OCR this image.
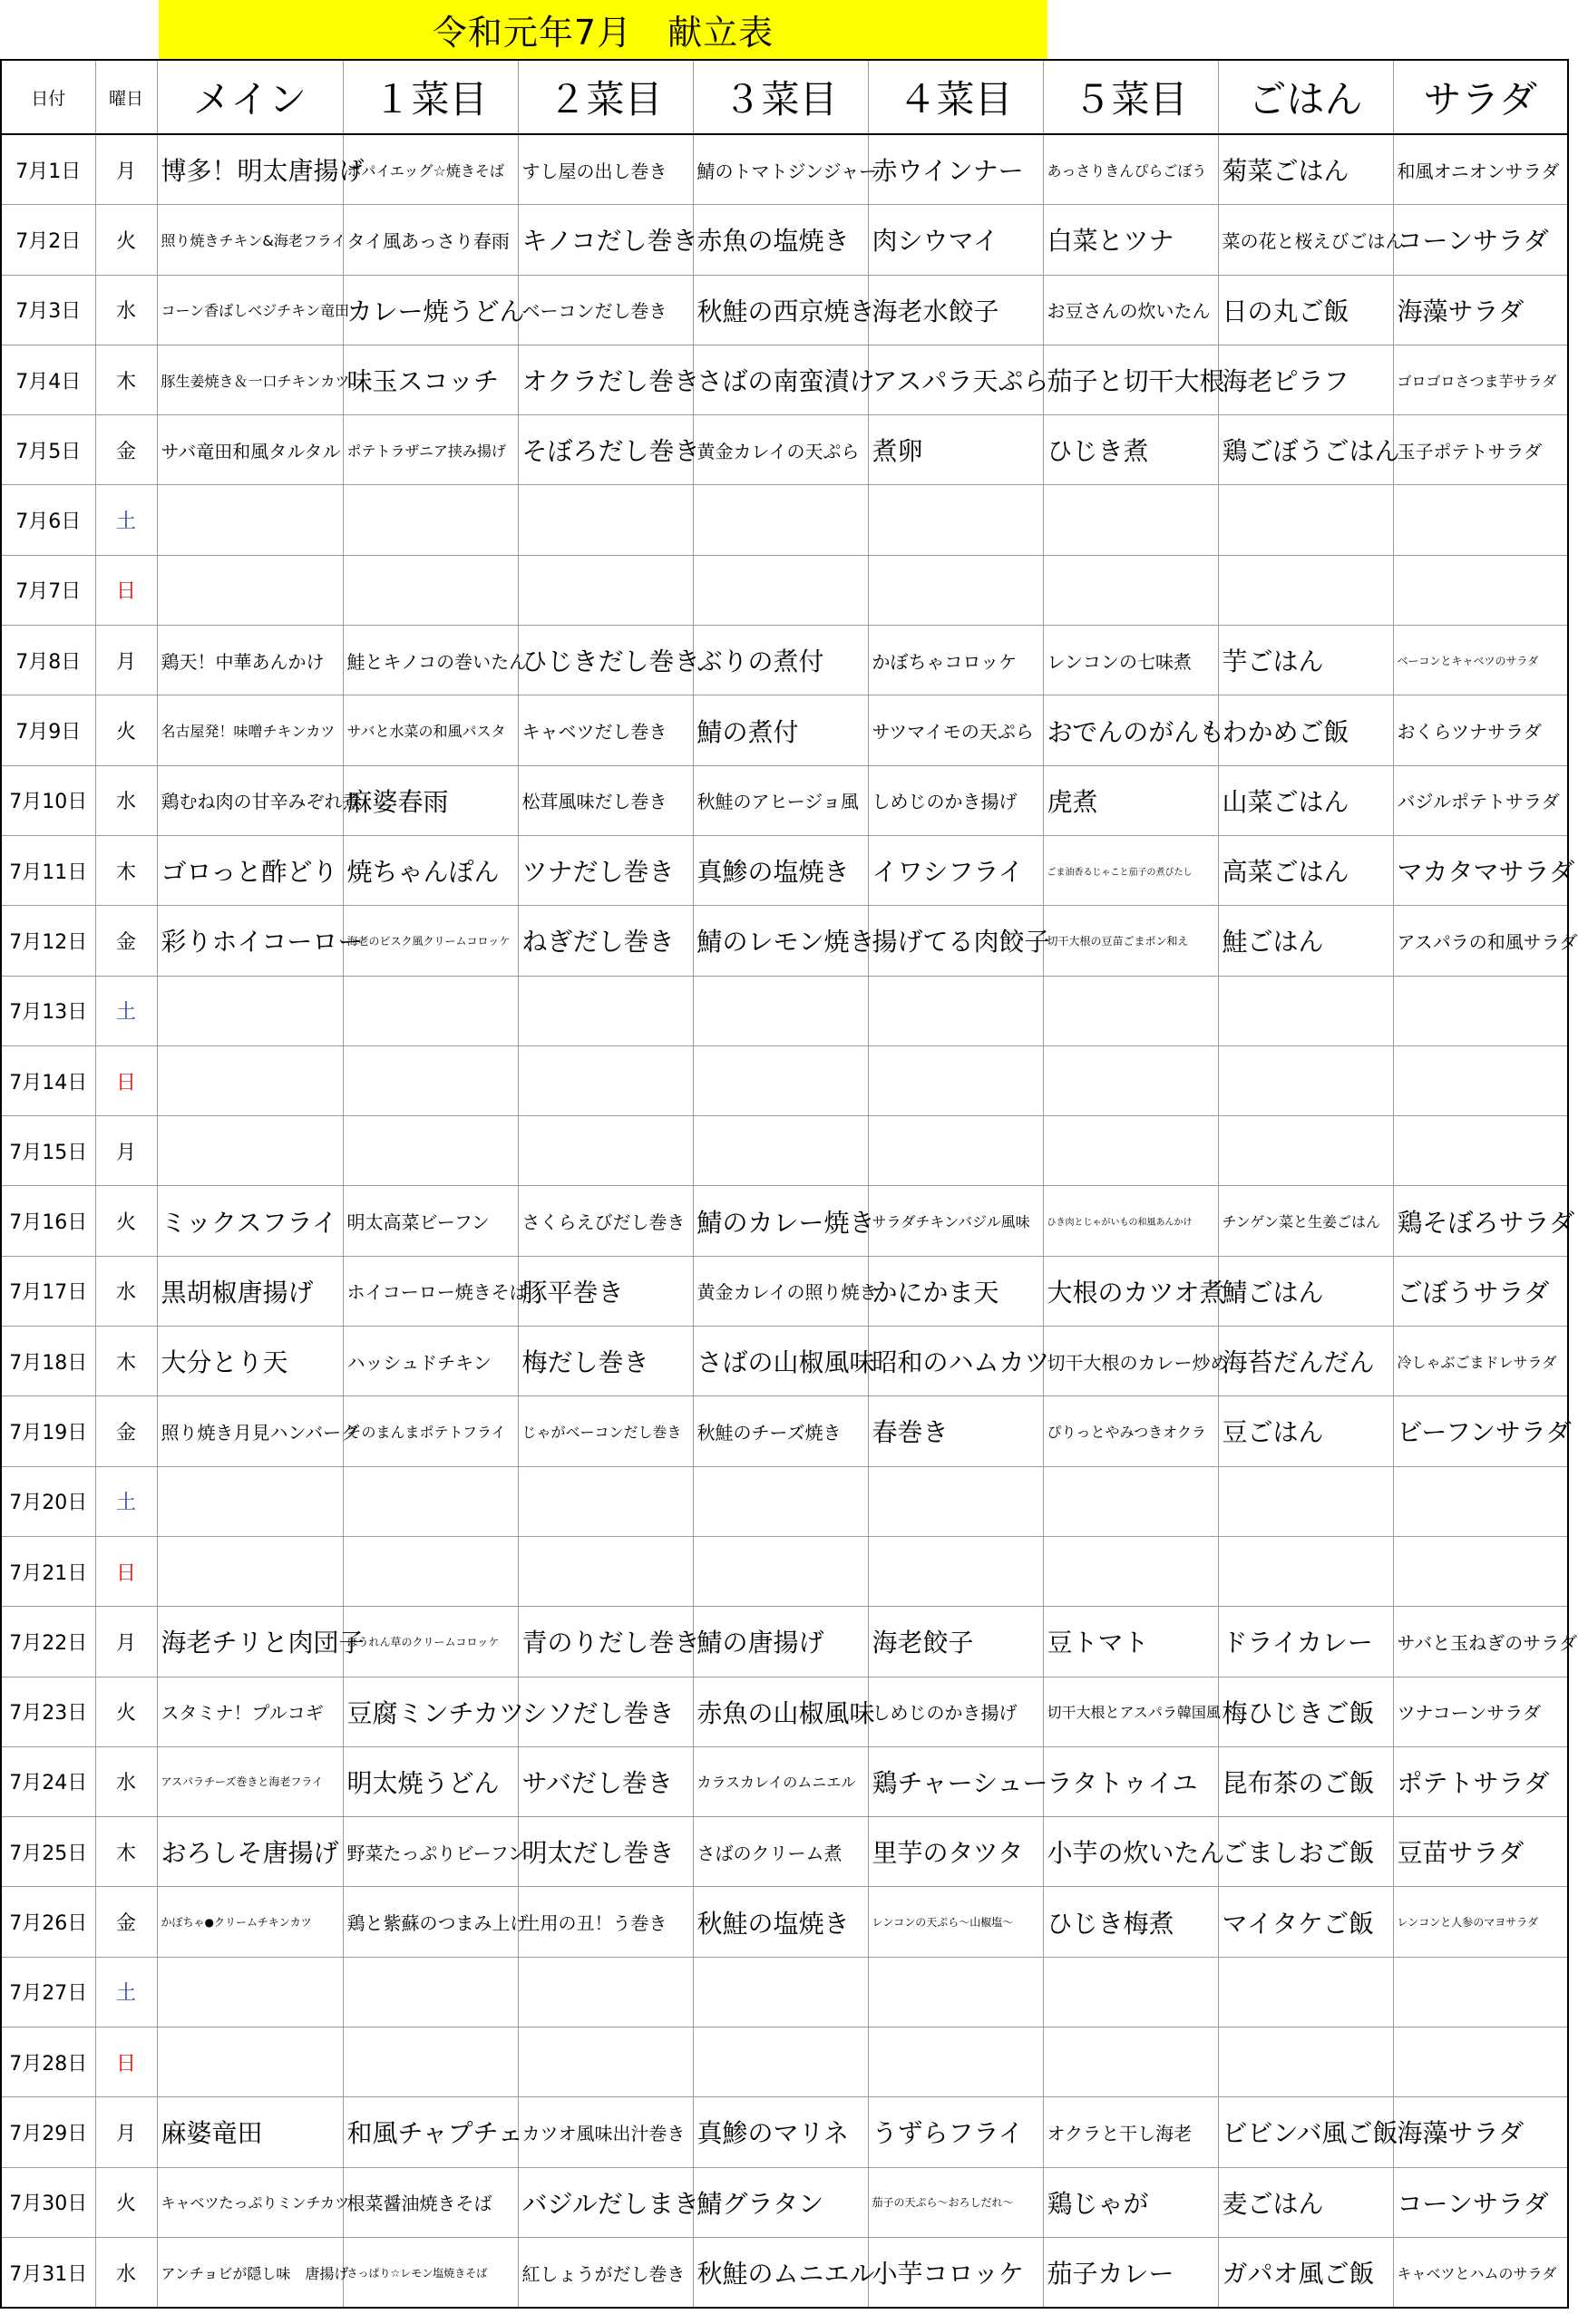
令和元年7月　献立表
日付	曜日	メイン	１菜目	２菜目	３菜目	４菜目	５菜目	ごはん	サラダ
7月1日	月	博多！明太唐揚げ	ポパイエッグ☆焼きそば	すし屋の出し巻き	鯖のトマトジンジャー	赤ウインナー	あっさりきんぴらごぼう	菊菜ごはん	和風オニオンサラダ
7月2日	火	照り焼きチキン&海老フライ	タイ風あっさり春雨	キノコだし巻き	赤魚の塩焼き	肉シウマイ	白菜とツナ	菜の花と桜えびごはん	コーンサラダ
7月3日	水	コーン香ばしベジチキン竜田	カレー焼うどん	ベーコンだし巻き	秋鮭の西京焼き	海老水餃子	お豆さんの炊いたん	日の丸ご飯	海藻サラダ
7月4日	木	豚生姜焼き＆一口チキンカツ	味玉スコッチ	オクラだし巻き	さばの南蛮漬け	アスパラ天ぷら	茄子と切干大根	海老ピラフ	ゴロゴロさつま芋サラダ
7月5日	金	サバ竜田和風タルタル	ポテトラザニア挟み揚げ	そぼろだし巻き	黄金カレイの天ぷら	煮卵	ひじき煮	鶏ごぼうごはん	玉子ポテトサラダ
7月6日	土								
7月7日	日								
7月8日	月	鶏天！中華あんかけ	鮭とキノコの巻いたん	ひじきだし巻き	ぶりの煮付	かぼちゃコロッケ	レンコンの七味煮	芋ごはん	ベーコンとキャベツのサラダ
7月9日	火	名古屋発！味噌チキンカツ	サバと水菜の和風パスタ	キャベツだし巻き	鯖の煮付	サツマイモの天ぷら	おでんのがんも	わかめご飯	おくらツナサラダ
7月10日	水	鶏むね肉の甘辛みぞれ煮	麻婆春雨	松茸風味だし巻き	秋鮭のアヒージョ風	しめじのかき揚げ	虎煮	山菜ごはん	バジルポテトサラダ
7月11日	木	ゴロっと酢どり	焼ちゃんぽん	ツナだし巻き	真鯵の塩焼き	イワシフライ	ごま油香るじゃこと茄子の煮びたし	高菜ごはん	マカタマサラダ
7月12日	金	彩りホイコーロー	海老のビスク風クリームコロッケ	ねぎだし巻き	鯖のレモン焼き	揚げてる肉餃子	切干大根の豆苗ごまポン和え	鮭ごはん	アスパラの和風サラダ
7月13日	土								
7月14日	日								
7月15日	月								
7月16日	火	ミックスフライ	明太高菜ビーフン	さくらえびだし巻き	鯖のカレー焼き	サラダチキンバジル風味	ひき肉とじゃがいもの和風あんかけ	チンゲン菜と生姜ごはん	鶏そぼろサラダ
7月17日	水	黒胡椒唐揚げ	ホイコーロー焼きそば	豚平巻き	黄金カレイの照り焼き	かにかま天	大根のカツオ煮	鯖ごはん	ごぼうサラダ
7月18日	木	大分とり天	ハッシュドチキン	梅だし巻き	さばの山椒風味	昭和のハムカツ	切干大根のカレー炒め	海苔だんだん	冷しゃぶごまドレサラダ
7月19日	金	照り焼き月見ハンバーグ	そのまんまポテトフライ	じゃがベーコンだし巻き	秋鮭のチーズ焼き	春巻き	ぴりっとやみつきオクラ	豆ごはん	ビーフンサラダ
7月20日	土								
7月21日	日								
7月22日	月	海老チリと肉団子	ほうれん草のクリームコロッケ	青のりだし巻き	鯖の唐揚げ	海老餃子	豆トマト	ドライカレー	サバと玉ねぎのサラダ
7月23日	火	スタミナ！プルコギ	豆腐ミンチカツ	シソだし巻き	赤魚の山椒風味	しめじのかき揚げ	切干大根とアスパラ韓国風	梅ひじきご飯	ツナコーンサラダ
7月24日	水	アスパラチーズ巻きと海老フライ	明太焼うどん	サバだし巻き	カラスカレイのムニエル	鶏チャーシュー	ラタトゥイユ	昆布茶のご飯	ポテトサラダ
7月25日	木	おろしそ唐揚げ	野菜たっぷりビーフン	明太だし巻き	さばのクリーム煮	里芋のタツタ	小芋の炊いたん	ごましおご飯	豆苗サラダ
7月26日	金	かぼちゃ●クリームチキンカツ	鶏と紫蘇のつまみ上げ	土用の丑！う巻き	秋鮭の塩焼き	レンコンの天ぷら～山椒塩～	ひじき梅煮	マイタケご飯	レンコンと人参のマヨサラダ
7月27日	土								
7月28日	日								
7月29日	月	麻婆竜田	和風チャプチェ	カツオ風味出汁巻き	真鯵のマリネ	うずらフライ	オクラと干し海老	ビビンバ風ご飯	海藻サラダ
7月30日	火	キャベツたっぷりミンチカツ	根菜醤油焼きそば	バジルだしまき	鯖グラタン	茄子の天ぷら～おろしだれ～	鶏じゃが	麦ごはん	コーンサラダ
7月31日	水	アンチョビが隠し味　唐揚げ	さっぱり☆レモン塩焼きそば	紅しょうがだし巻き	秋鮭のムニエル	小芋コロッケ	茄子カレー	ガパオ風ご飯	キャベツとハムのサラダ
